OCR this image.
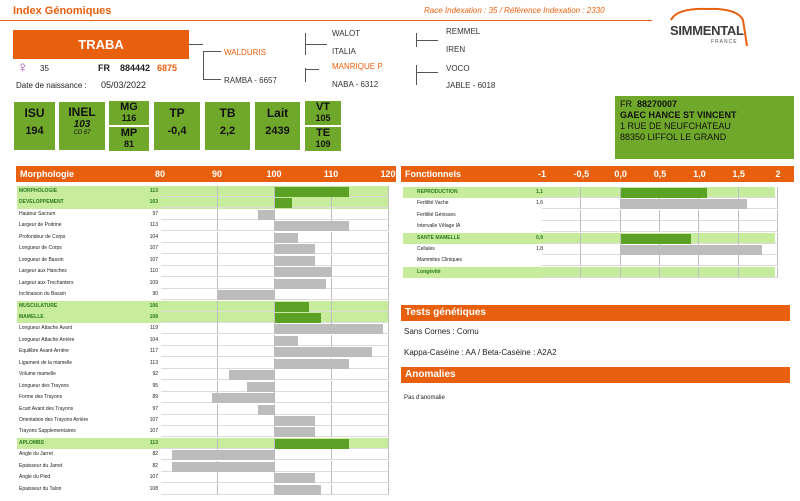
Index Génomiques	Race Indexation : 35 / Référence Indexation : 2330
SIMMENTAL
FRANCE
TRABA
♀ 35	FR 884442 6875
Date de naissance : 05/03/2022
WALDURIS
RAMBA - 6657
WALOT
ITALIA
MANRIQUE P
NABA - 6312
REMMEL
IREN
VOCO
JABLE - 6018
ISU
194
INEL
103
CD 67
MG
116
MP
81
TP
-0,4
TB
2,2
Lait
2439
VT
105
TE
109
FR 88270007
GAEC HANCE ST VINCENT
1 RUE DE NEUFCHATEAU
88350 LIFFOL LE GRAND
Morphologie	80	90	100	110	120
MORPHOLOGIE	113
DEVELOPPEMENT	103
Hauteur Sacrum	97
Largeur de Poitrine	113
Profondeur de Corps	104
Longueur de Corps	107
Longueur de Bassin	107
Largeur aux Hanches	110
Largeur aux Trochanters	109
Inclinaison du Bassin	90
MUSCULATURE	106
MAMELLE	108
Longueur Attache Avant	119
Longueur Attache Arrière	104
Equilibre Avant-Arrière	117
Ligament de la mamelle	113
Volume mamelle	92
Longueur des Trayons	95
Forme des Trayons	89
Ecart Avant des Trayons	97
Orientation des Trayons Arrière	107
Trayons Supplementaires	107
APLOMBS	113
Angle du Jarret	82
Epaisseur du Jarret	82
Angle du Pied	107
Epaisseur du Talon	108
Fonctionnels	-1	-0,5	0,0	0,5	1,0	1,5	2
REPRODUCTION	1,1
Fertilité Vache	1,6
Fertilité Génisses
Intervalle Vêlage IA
SANTE MAMELLE	0,9
Cellules	1,8
Mammites Cliniques
Longévité
Tests génétiques
Sans Cornes : Cornu
Kappa-Caséine : AA / Beta-Caséine : A2A2
Anomalies
Pas d'anomalie
